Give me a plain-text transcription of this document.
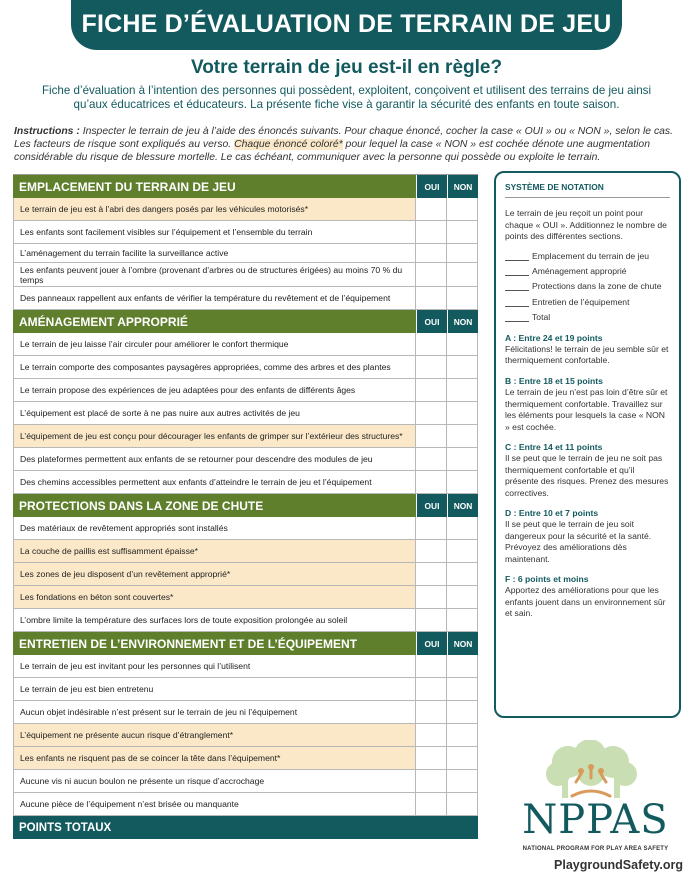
FICHE D’ÉVALUATION DE TERRAIN DE JEU
Votre terrain de jeu est-il en règle?
Fiche d’évaluation à l’intention des personnes qui possèdent, exploitent, conçoivent et utilisent des terrains de jeu ainsi qu’aux éducatrices et éducateurs. La présente fiche vise à garantir la sécurité des enfants en toute saison.
Instructions : Inspecter le terrain de jeu à l’aide des énoncés suivants. Pour chaque énoncé, cocher la case « OUI » ou « NON », selon le cas. Les facteurs de risque sont expliqués au verso. Chaque énoncé coloré* pour lequel la case « NON » est cochée dénote une augmentation considérable du risque de blessure mortelle. Le cas échéant, communiquer avec la personne qui possède ou exploite le terrain.
EMPLACEMENT DU TERRAIN DE JEU	OUI	NON
Le terrain de jeu est à l’abri des dangers posés par les véhicules motorisés*
Les enfants sont facilement visibles sur l’équipement et l’ensemble du terrain
L’aménagement du terrain facilite la surveillance active
Les enfants peuvent jouer à l’ombre (provenant d’arbres ou de structures érigées) au moins 70 % du temps
Des panneaux rappellent aux enfants de vérifier la température du revêtement et de l’équipement
AMÉNAGEMENT APPROPRIÉ	OUI	NON
Le terrain de jeu laisse l’air circuler pour améliorer le confort thermique
Le terrain comporte des composantes paysagères appropriées, comme des arbres et des plantes
Le terrain propose des expériences de jeu adaptées pour des enfants de différents âges
L’équipement est placé de sorte à ne pas nuire aux autres activités de jeu
L’équipement de jeu est conçu pour décourager les enfants de grimper sur l’extérieur des structures*
Des plateformes permettent aux enfants de se retourner pour descendre des modules de jeu
Des chemins accessibles permettent aux enfants d’atteindre le terrain de jeu et l’équipement
PROTECTIONS DANS LA ZONE DE CHUTE	OUI	NON
Des matériaux de revêtement appropriés sont installés
La couche de paillis est suffisamment épaisse*
Les zones de jeu disposent d’un revêtement approprié*
Les fondations en béton sont couvertes*
L’ombre limite la température des surfaces lors de toute exposition prolongée au soleil
ENTRETIEN DE L’ENVIRONNEMENT ET DE L’ÉQUIPEMENT	OUI	NON
Le terrain de jeu est invitant pour les personnes qui l’utilisent
Le terrain de jeu est bien entretenu
Aucun objet indésirable n’est présent sur le terrain de jeu ni l’équipement
L’équipement ne présente aucun risque d’étranglement*
Les enfants ne risquent pas de se coincer la tête dans l’équipement*
Aucune vis ni aucun boulon ne présente un risque d’accrochage
Aucune pièce de l’équipement n’est brisée ou manquante
POINTS TOTAUX
SYSTÈME DE NOTATION
Le terrain de jeu reçoit un point pour chaque « OUI ». Additionnez le nombre de points des différentes sections.
Emplacement du terrain de jeu
Aménagement approprié
Protections dans la zone de chute
Entretien de l’équipement
Total
A : Entre 24 et 19 points
Félicitations! le terrain de jeu semble sûr et thermiquement confortable.
B : Entre 18 et 15 points
Le terrain de jeu n’est pas loin d’être sûr et thermiquement confortable. Travaillez sur les éléments pour lesquels la case « NON » est cochée.
C : Entre 14 et 11 points
Il se peut que le terrain de jeu ne soit pas thermiquement confortable et qu’il présente des risques. Prenez des mesures correctives.
D : Entre 10 et 7 points
Il se peut que le terrain de jeu soit dangereux pour la sécurité et la santé. Prévoyez des améliorations dès maintenant.
F : 6 points et moins
Apportez des améliorations pour que les enfants jouent dans un environnement sûr et sain.
NPPAS
NATIONAL PROGRAM FOR PLAY AREA SAFETY
PlaygroundSafety.org
